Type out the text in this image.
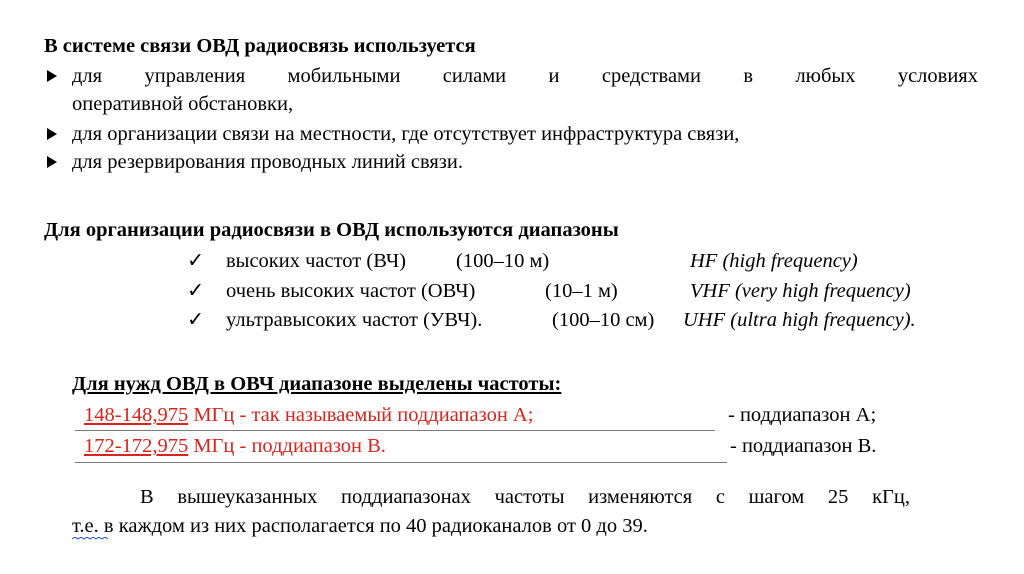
В системе связи ОВД радиосвязь используется
для управления мобильными силами и средствами в любых условиях
оперативной обстановки,
для организации связи на местности, где отсутствует инфраструктура связи,
для резервирования проводных линий связи.
Для организации радиосвязи в ОВД используются диапазоны
✓ высоких частот (ВЧ) (100–10 м)	HF (high frequency)
✓ очень высоких частот (ОВЧ)	(10–1 м)	VHF (very high frequency)
✓ ультравысоких частот (УВЧ).	(100–10 см) UHF (ultra high frequency).
Для нужд ОВД в ОВЧ диапазоне выделены частоты:
148-148,975 МГц - так называемый поддиапазон А;	- поддиапазон А;
172-172,975 МГц - поддиапазон В.	- поддиапазон В.
В вышеуказанных поддиапазонах частоты изменяются с шагом 25 кГц,
т.е. в каждом из них располагается по 40 радиоканалов от 0 до 39.
